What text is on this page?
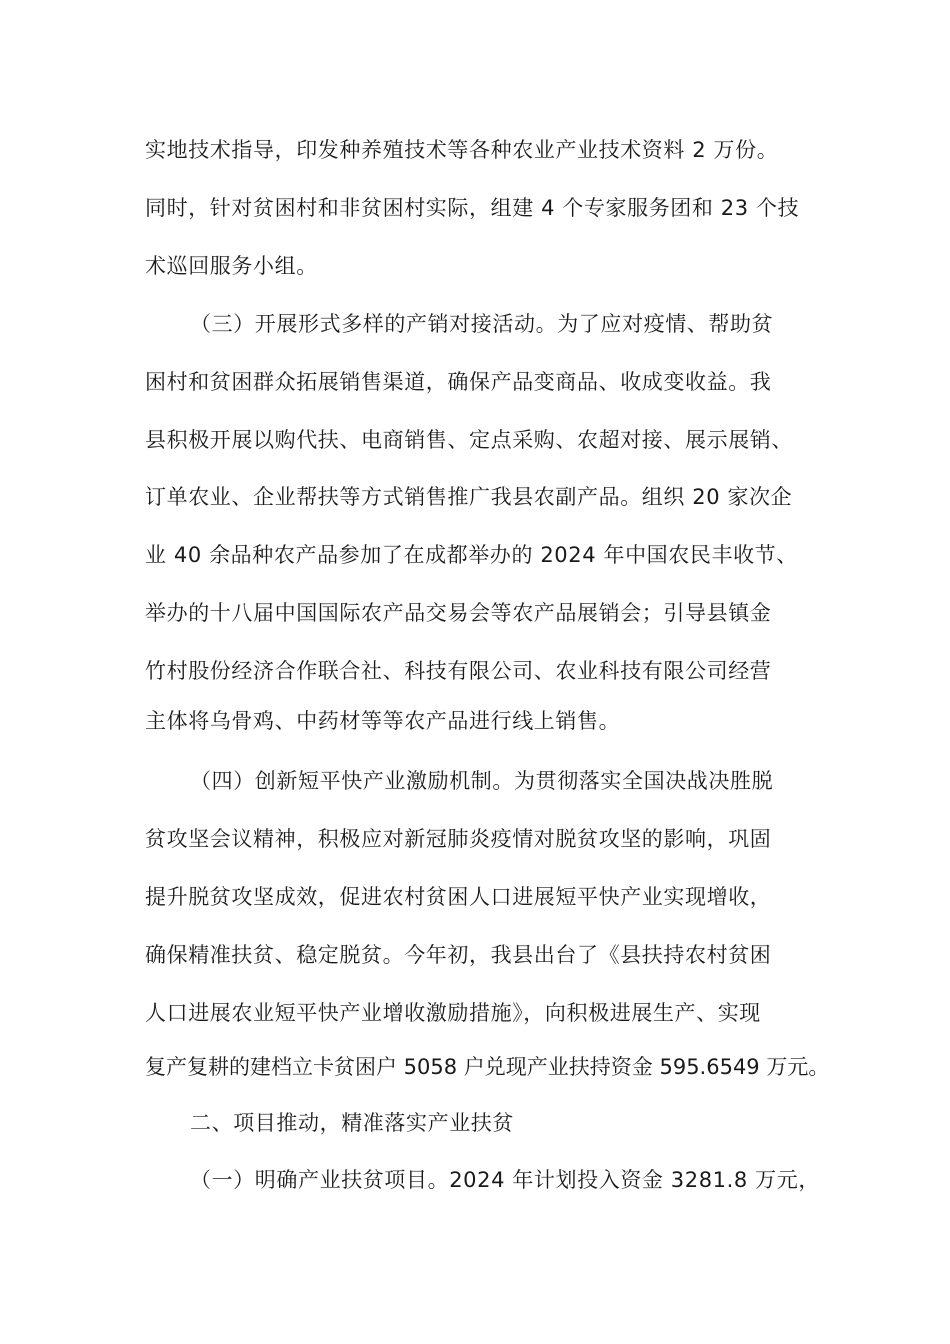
实地技术指导，印发种养殖技术等各种农业产业技术资料 2 万份。
同时，针对贫困村和非贫困村实际，组建 4 个专家服务团和 23 个技
术巡回服务小组。
（三）开展形式多样的产销对接活动。为了应对疫情、帮助贫
困村和贫困群众拓展销售渠道，确保产品变商品、收成变收益。我
县积极开展以购代扶、电商销售、定点采购、农超对接、展示展销、
订单农业、企业帮扶等方式销售推广我县农副产品。组织 20 家次企
业 40 余品种农产品参加了在成都举办的 2024 年中国农民丰收节、
举办的十八届中国国际农产品交易会等农产品展销会；引导县镇金
竹村股份经济合作联合社、科技有限公司、农业科技有限公司经营
主体将乌骨鸡、中药材等等农产品进行线上销售。
（四）创新短平快产业激励机制。为贯彻落实全国决战决胜脱
贫攻坚会议精神，积极应对新冠肺炎疫情对脱贫攻坚的影响，巩固
提升脱贫攻坚成效，促进农村贫困人口进展短平快产业实现增收，
确保精准扶贫、稳定脱贫。今年初，我县出台了《县扶持农村贫困
人口进展农业短平快产业增收激励措施》，向积极进展生产、实现
复产复耕的建档立卡贫困户 5058 户兑现产业扶持资金 595.6549 万元。
二、项目推动，精准落实产业扶贫
（一）明确产业扶贫项目。2024 年计划投入资金 3281.8 万元，
